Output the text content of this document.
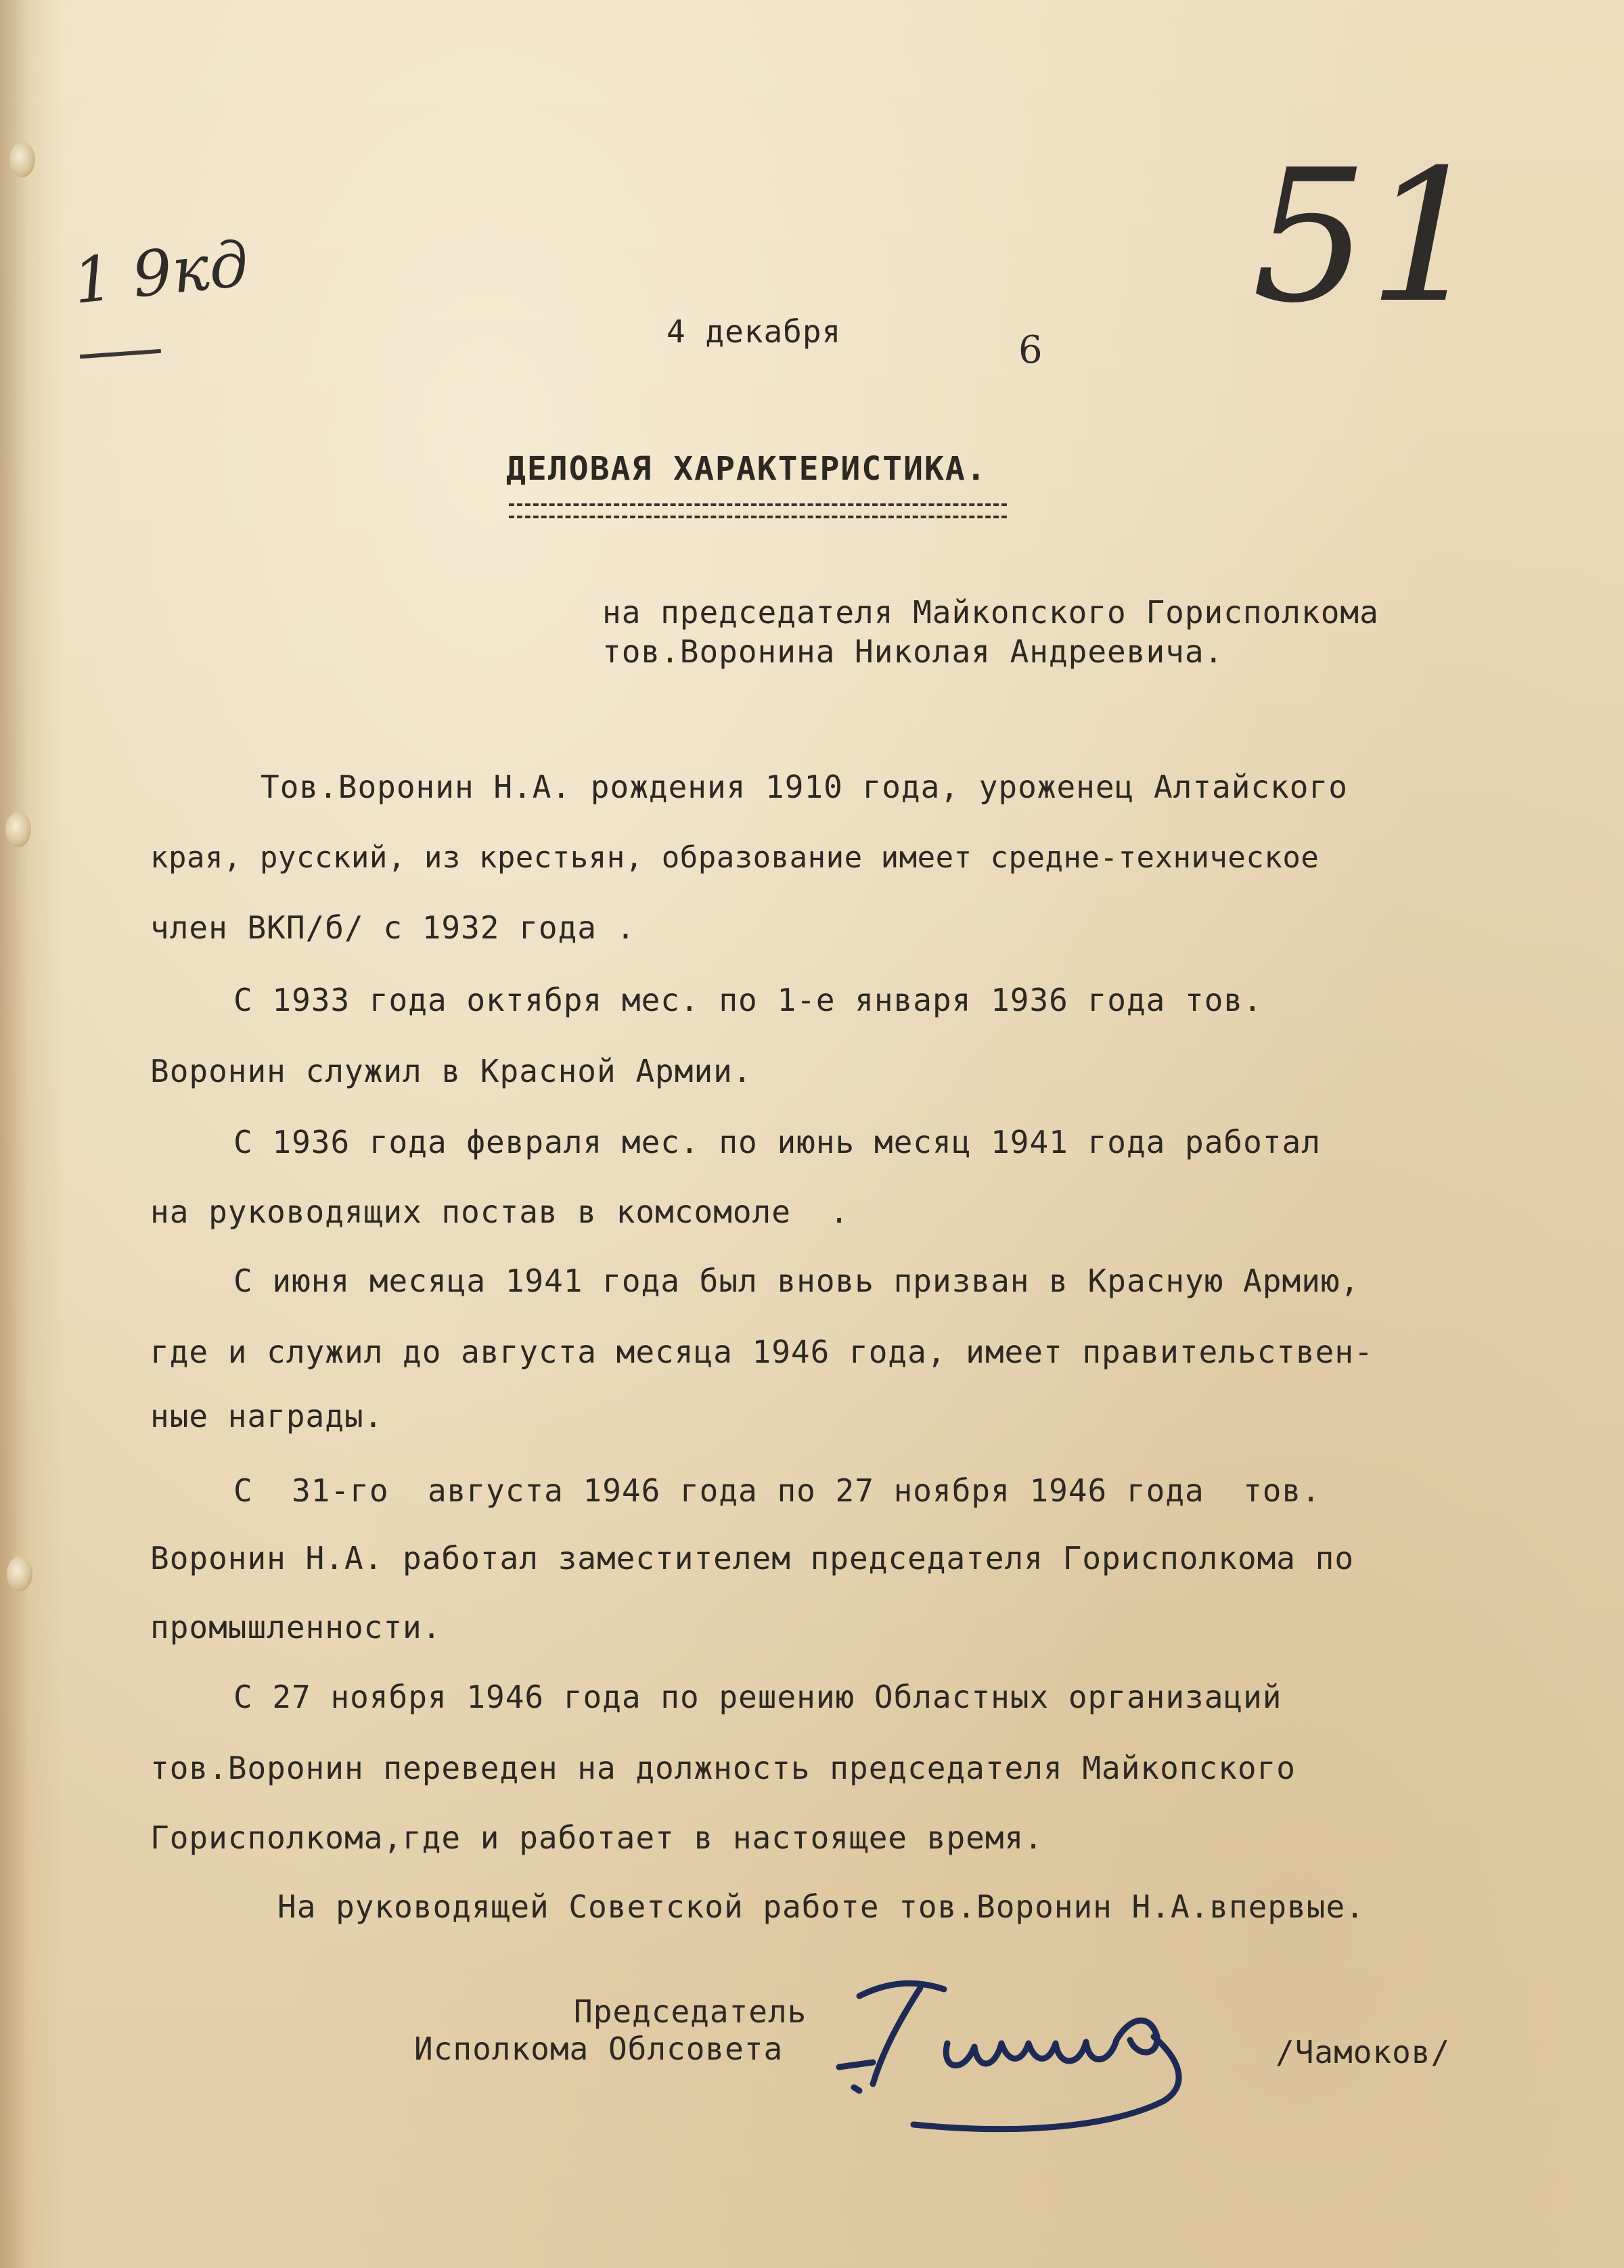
1 9кд	51
4 декабря	6
ДЕЛОВАЯ ХАРАКТЕРИСТИКА.
на председателя Майкопского Горисполкома
тов.Воронина Николая Андреевича.
Тов.Воронин Н.А. рождения 1910 года, уроженец Алтайского
края, русский, из крестьян, образование имеет средне-техническое
член ВКП/б/ с 1932 года .
С 1933 года октября мес. по 1-е января 1936 года тов.
Воронин служил в Красной Армии.
С 1936 года февраля мес. по июнь месяц 1941 года работал
на руководящих постав в комсомоле  .
С июня месяца 1941 года был вновь призван в Красную Армию,
где и служил до августа месяца 1946 года, имеет правительствен-
ные награды.
С  31-го  августа 1946 года по 27 ноября 1946 года  тов.
Воронин Н.А. работал заместителем председателя Горисполкома по
промышленности.
С 27 ноября 1946 года по решению Областных организаций
тов.Воронин переведен на должность председателя Майкопского
Горисполкома,где и работает в настоящее время.
На руководящей Советской работе тов.Воронин Н.А.впервые.
Председатель
Исполкома Облсовета	/Чамоков/
